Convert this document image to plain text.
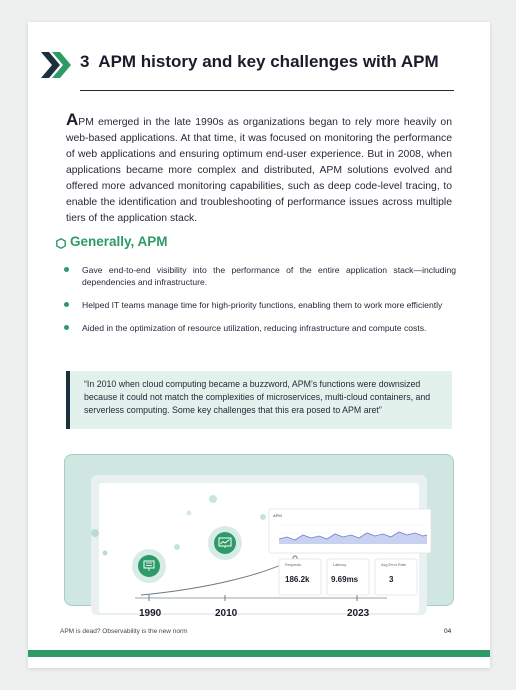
3 APM history and key challenges with APM

APM emerged in the late 1990s as organizations began to rely more heavily on web-based applications. At that time, it was focused on monitoring the performance of web applications and ensuring optimum end-user experience. But in 2008, when applications became more complex and distributed, APM solutions evolved and offered more advanced monitoring capabilities, such as deep code-level tracing, to enable the identification and troubleshooting of performance issues across multiple tiers of the application stack.

Generally, APM
Gave end-to-end visibility into the performance of the entire application stack—including dependencies and infrastructure.
Helped IT teams manage time for high-priority functions, enabling them to work more efficiently
Aided in the optimization of resource utilization, reducing infrastructure and compute costs.

“In 2010 when cloud computing became a buzzword, APM’s functions were downsized because it could not match the complexities of microservices, multi-cloud containers, and serverless computing. Some key challenges that this era posed to APM aret”

APM
Requests
186.2k
Latency
9.69ms
Avg Error Rate
3
1990	2010	2023
APM is dead? Observability is the new norm	04
